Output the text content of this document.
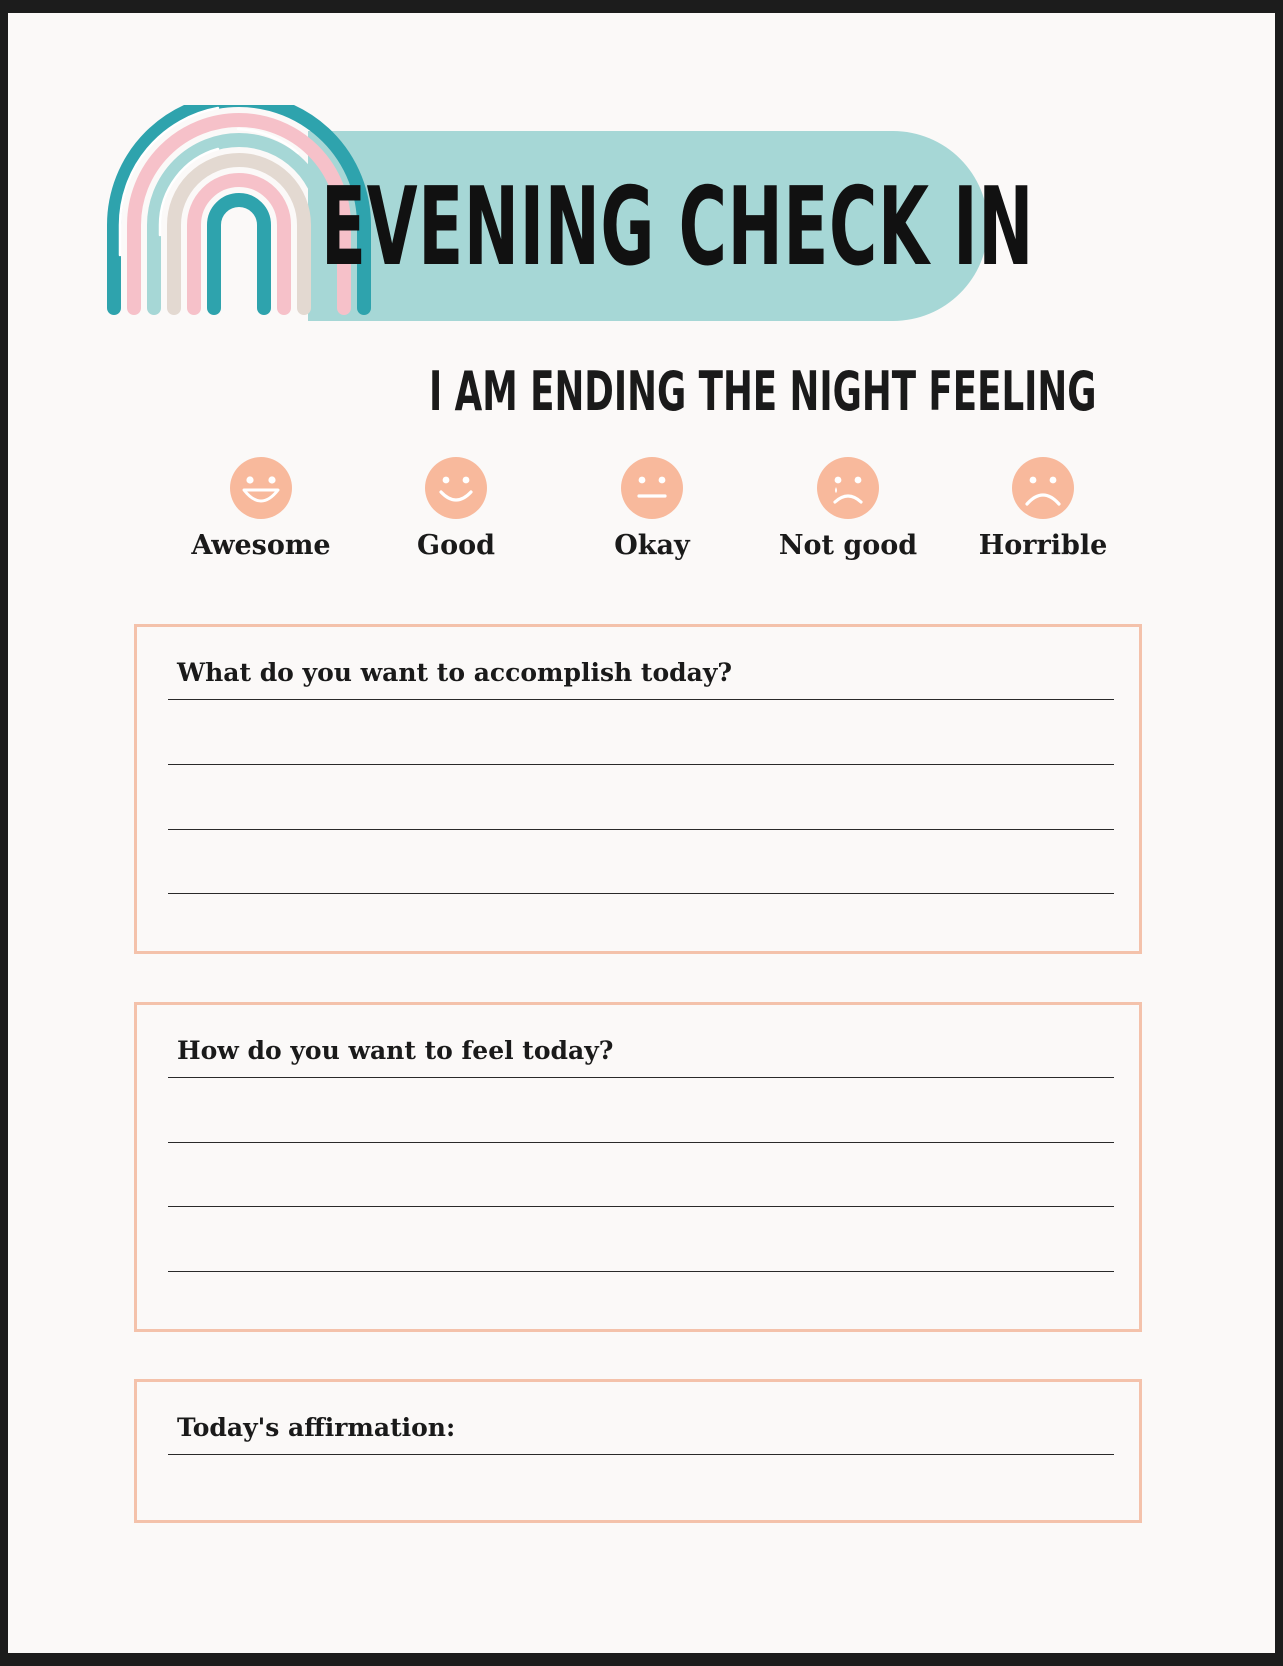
EVENING CHECK IN
I AM ENDING THE NIGHT FEELING
Awesome	Good	Okay	Not good	Horrible

What do you want to accomplish today?

How do you want to feel today?

Today's affirmation:
